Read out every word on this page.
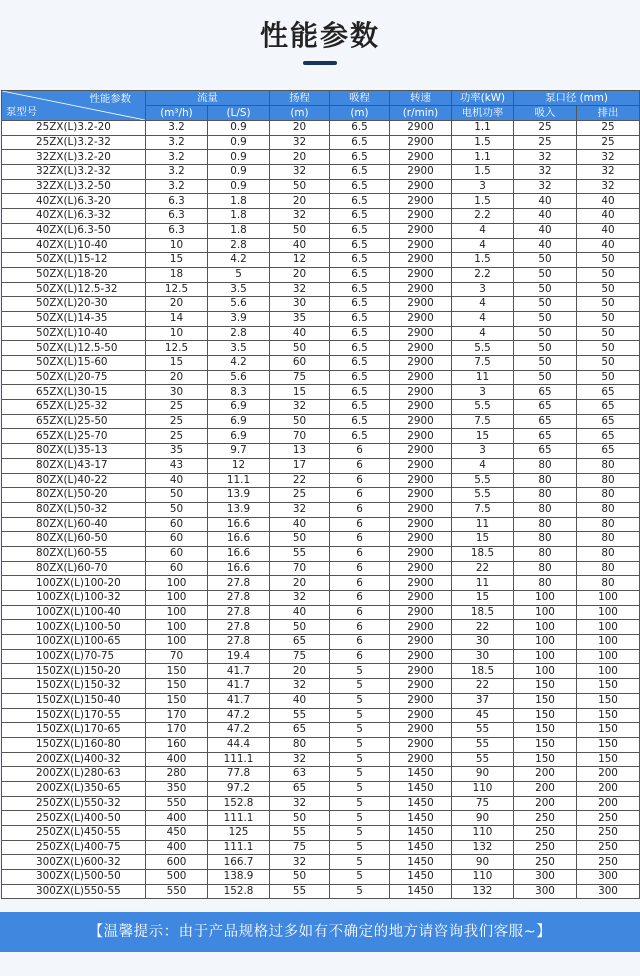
性能参数
性能参数
泵型号	流量		扬程	吸程	转速	功率(kW)	泵口径 (mm)	
	(m³/h)	(L/S)	(m)	(m)	(r/min)	电机功率	吸入	排出
25ZX(L)3.2-20	3.2	0.9	20	6.5	2900	1.1	25	25
25ZX(L)3.2-32	3.2	0.9	32	6.5	2900	1.5	25	25
32ZX(L)3.2-20	3.2	0.9	20	6.5	2900	1.1	32	32
32ZX(L)3.2-32	3.2	0.9	32	6.5	2900	1.5	32	32
32ZX(L)3.2-50	3.2	0.9	50	6.5	2900	3	32	32
40ZX(L)6.3-20	6.3	1.8	20	6.5	2900	1.5	40	40
40ZX(L)6.3-32	6.3	1.8	32	6.5	2900	2.2	40	40
40ZX(L)6.3-50	6.3	1.8	50	6.5	2900	4	40	40
40ZX(L)10-40	10	2.8	40	6.5	2900	4	40	40
50ZX(L)15-12	15	4.2	12	6.5	2900	1.5	50	50
50ZX(L)18-20	18	5	20	6.5	2900	2.2	50	50
50ZX(L)12.5-32	12.5	3.5	32	6.5	2900	3	50	50
50ZX(L)20-30	20	5.6	30	6.5	2900	4	50	50
50ZX(L)14-35	14	3.9	35	6.5	2900	4	50	50
50ZX(L)10-40	10	2.8	40	6.5	2900	4	50	50
50ZX(L)12.5-50	12.5	3.5	50	6.5	2900	5.5	50	50
50ZX(L)15-60	15	4.2	60	6.5	2900	7.5	50	50
50ZX(L)20-75	20	5.6	75	6.5	2900	11	50	50
65ZX(L)30-15	30	8.3	15	6.5	2900	3	65	65
65ZX(L)25-32	25	6.9	32	6.5	2900	5.5	65	65
65ZX(L)25-50	25	6.9	50	6.5	2900	7.5	65	65
65ZX(L)25-70	25	6.9	70	6.5	2900	15	65	65
80ZX(L)35-13	35	9.7	13	6	2900	3	65	65
80ZX(L)43-17	43	12	17	6	2900	4	80	80
80ZX(L)40-22	40	11.1	22	6	2900	5.5	80	80
80ZX(L)50-20	50	13.9	25	6	2900	5.5	80	80
80ZX(L)50-32	50	13.9	32	6	2900	7.5	80	80
80ZX(L)60-40	60	16.6	40	6	2900	11	80	80
80ZX(L)60-50	60	16.6	50	6	2900	15	80	80
80ZX(L)60-55	60	16.6	55	6	2900	18.5	80	80
80ZX(L)60-70	60	16.6	70	6	2900	22	80	80
100ZX(L)100-20	100	27.8	20	6	2900	11	80	80
100ZX(L)100-32	100	27.8	32	6	2900	15	100	100
100ZX(L)100-40	100	27.8	40	6	2900	18.5	100	100
100ZX(L)100-50	100	27.8	50	6	2900	22	100	100
100ZX(L)100-65	100	27.8	65	6	2900	30	100	100
100ZX(L)70-75	70	19.4	75	6	2900	30	100	100
150ZX(L)150-20	150	41.7	20	5	2900	18.5	100	100
150ZX(L)150-32	150	41.7	32	5	2900	22	150	150
150ZX(L)150-40	150	41.7	40	5	2900	37	150	150
150ZX(L)170-55	170	47.2	55	5	2900	45	150	150
150ZX(L)170-65	170	47.2	65	5	2900	55	150	150
150ZX(L)160-80	160	44.4	80	5	2900	55	150	150
200ZX(L)400-32	400	111.1	32	5	2900	55	150	150
200ZX(L)280-63	280	77.8	63	5	1450	90	200	200
200ZX(L)350-65	350	97.2	65	5	1450	110	200	200
250ZX(L)550-32	550	152.8	32	5	1450	75	200	200
250ZX(L)400-50	400	111.1	50	5	1450	90	250	250
250ZX(L)450-55	450	125	55	5	1450	110	250	250
250ZX(L)400-75	400	111.1	75	5	1450	132	250	250
300ZX(L)600-32	600	166.7	32	5	1450	90	250	250
300ZX(L)500-50	500	138.9	50	5	1450	110	300	300
300ZX(L)550-55	550	152.8	55	5	1450	132	300	300
【温馨提示：由于产品规格过多如有不确定的地方请咨询我们客服~】
